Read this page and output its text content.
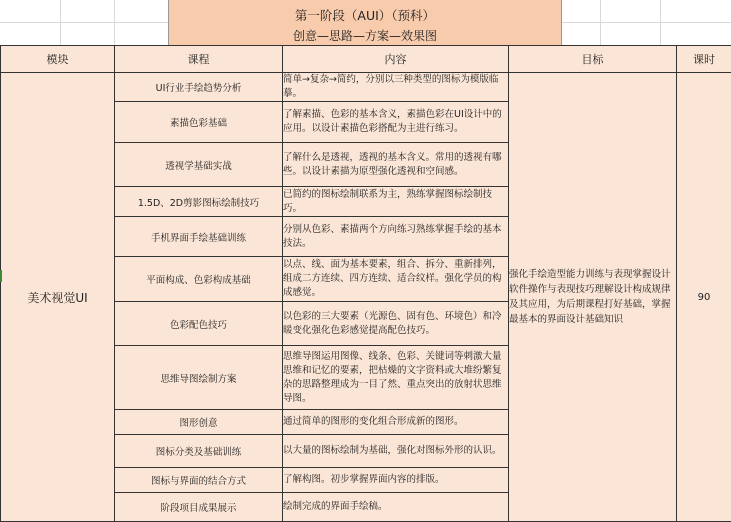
第一阶段（AUI）（预科）
创意—思路—方案—效果图
模块	课程	内容	目标	课时
美术视觉UI	UI行业手绘趋势分析	简单→复杂→简约，分别以三种类型的图标为模版临摹。	强化手绘造型能力训练与表现掌握设计软件操作与表现技巧理解设计构成规律及其应用，为后期课程打好基础，掌握最基本的界面设计基础知识	90
	素描色彩基础	了解素描、色彩的基本含义，素描色彩在UI设计中的应用。以设计素描色彩搭配为主进行练习。		
	透视学基础实战	了解什么是透视，透视的基本含义。常用的透视有哪些。以设计素描为原型强化透视和空间感。		
	1.5D、2D剪影图标绘制技巧	已简约的图标绘制联系为主，熟练掌握图标绘制技巧。		
	手机界面手绘基础训练	分别从色彩、素描两个方向练习熟练掌握手绘的基本技法。		
	平面构成、色彩构成基础	以点、线、面为基本要素，组合、拆分、重新排列，组成二方连续、四方连续、适合纹样。强化学员的构成感觉。		
	色彩配色技巧	以色彩的三大要素（光源色、固有色、环境色）和冷暖变化强化色彩感觉提高配色技巧。		
	思维导图绘制方案	思维导图运用图像、线条、色彩、关键词等刺激大量思维和记忆的要素，把枯燥的文字资料或大堆纷繁复杂的思路整理成为一目了然、重点突出的放射状思维导图。		
	图形创意	通过简单的图形的变化组合形成新的图形。		
	图标分类及基础训练	以大量的图标绘制为基础，强化对图标外形的认识。		
	图标与界面的结合方式	了解构图。初步掌握界面内容的排版。		
	阶段项目成果展示	绘制完成的界面手绘稿。		
